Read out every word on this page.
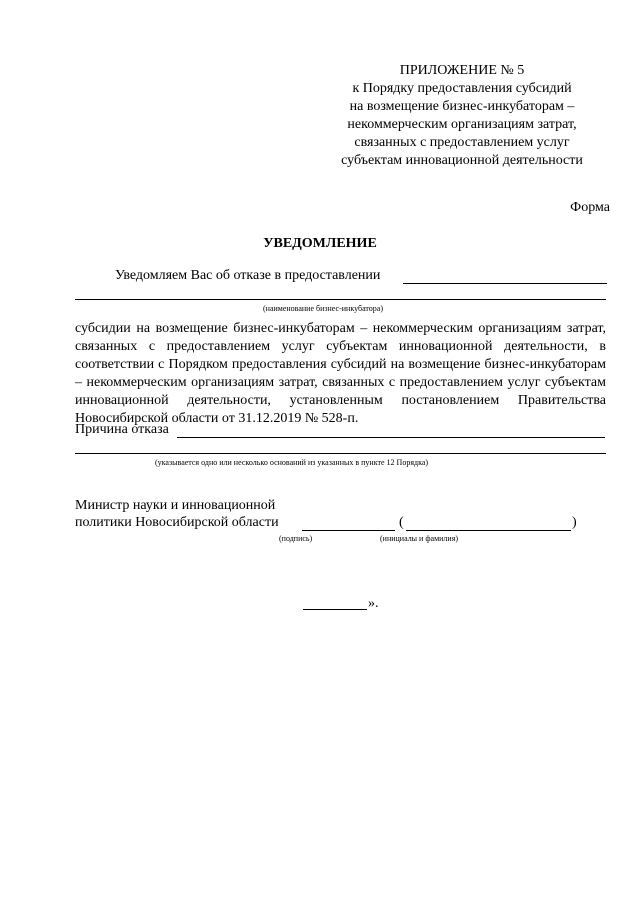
ПРИЛОЖЕНИЕ № 5
к Порядку предоставления субсидий
на возмещение бизнес-инкубаторам –
некоммерческим организациям затрат,
связанных с предоставлением услуг
субъектам инновационной деятельности
Форма
УВЕДОМЛЕНИЕ
Уведомляем Вас об отказе в предоставлении
(наименование бизнес-инкубатора)
субсидии на возмещение бизнес-инкубаторам – некоммерческим организациям затрат, связанных с предоставлением услуг субъектам инновационной деятельности, в соответствии с Порядком предоставления субсидий на возмещение бизнес-инкубаторам – некоммерческим организациям затрат, связанных с предоставлением услуг субъектам инновационной деятельности, установленным постановлением Правительства Новосибирской области от 31.12.2019 № 528-п.
Причина отказа
(указывается одно или несколько оснований из указанных в пункте 12 Порядка)
Министр науки и инновационной
политики Новосибирской области	(	)
(подпись)	(инициалы и фамилия)
».
